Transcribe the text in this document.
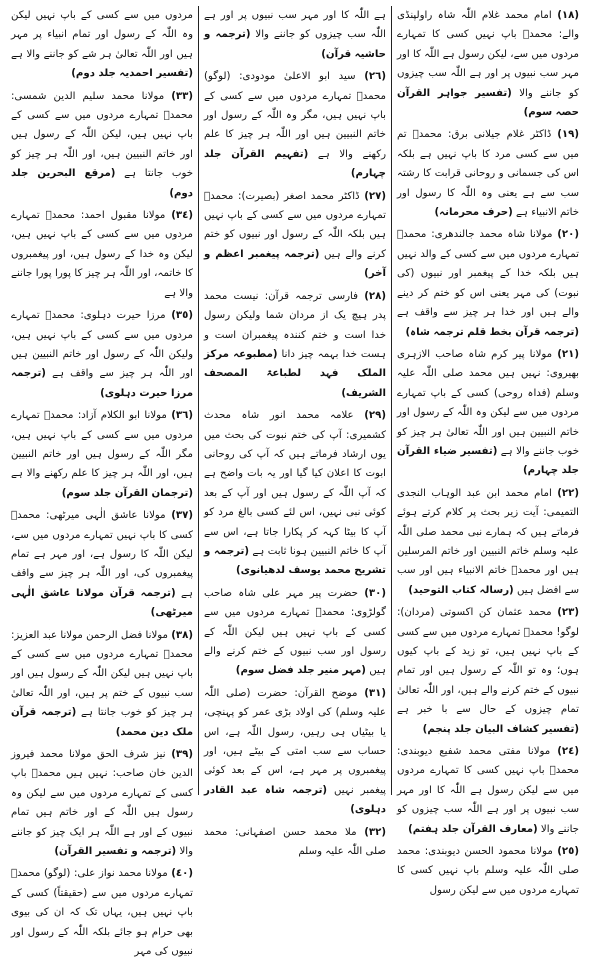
(١٨) امام محمد غلام اللّٰہ شاہ راولپنڈی والے: محمدؐ باپ نہیں کسی کا تمہارے مردوں میں سے، لیکن رسول ہے اللّٰہ کا اور مہر سب نبیوں پر اور ہے اللّٰہ سب چیزوں کو جاننے والا (تفسیر جواہر القرآن حصہ سوم)

(١٩) ڈاکٹر غلام جیلانی برق: محمدؐ تم میں سے کسی مرد کا باپ نہیں ہے بلکہ اس کی جسمانی و روحانی قرابت کا رشتہ سب سے ہے یعنی وہ اللّٰہ کا رسول اور خاتم الانبیاء ہے (حرف محرمانہ)

(٢٠) مولانا شاہ محمد جالندھری: محمدؐ تمہارے مردوں میں سے کسی کے والد نہیں ہیں بلکہ خدا کے پیغمبر اور نبیوں (کی نبوت) کی مہر یعنی اس کو ختم کر دینے والے ہیں اور خدا ہر چیز سے واقف ہے (ترجمہ قرآن بخط قلم ترجمہ شاہ)

(٢١) مولانا پیر کرم شاہ صاحب الازہری بھیروی: نہیں ہیں محمد صلی اللّٰہ علیہ وسلم (فداہ روحی) کسی کے باپ تمہارے مردوں میں سے لیکن وہ اللّٰہ کے رسول اور خاتم النبیین ہیں اور اللّٰہ تعالیٰ ہر چیز کو خوب جاننے والا ہے (تفسیر ضیاء القرآن جلد چہارم)

(٢٢) امام محمد ابن عبد الوہاب النجدی التمیمی: آیت زیر بحث پر کلام کرتے ہوئے فرماتے ہیں کہ ہمارے نبی محمد صلی اللّٰہ علیہ وسلم خاتم النبیین اور خاتم المرسلین ہیں اور محمدؐ خاتم الانبیاء ہیں اور سب سے افضل ہیں (رسالہ کتاب التوحید)

(٢٣) محمد عثمان کن اکسوتی (مردان): لوگو! محمدؐ تمہارے مردوں میں سے کسی کے باپ نہیں ہیں، تو زید کے باپ کیوں ہوں؛ وہ تو اللّٰہ کے رسول ہیں اور تمام نبیوں کے ختم کرنے والے ہیں، اور اللّٰہ تعالیٰ تمام چیزوں کے حال سے با خبر ہے (تفسیر کشاف البیان جلد پنجم)

(٢٤) مولانا مفتی محمد شفیع دیوبندی: محمدؐ باپ نہیں کسی کا تمہارے مردوں میں سے لیکن رسول ہے اللّٰہ کا اور مہر سب نبیوں پر اور ہے اللّٰہ سب چیزوں کو جاننے والا (معارف القرآن جلد ہفتم)

(٢٥) مولانا محمود الحسن دیوبندی: محمد صلی اللّٰہ علیہ وسلم باپ نہیں کسی کا تمہارے مردوں میں سے لیکن رسول

ہے اللّٰہ کا اور مہر سب نبیوں پر اور ہے اللّٰہ سب چیزوں کو جاننے والا (ترجمہ و حاشیہ قرآن)

(٢٦) سید ابو الاعلیٰ مودودی: (لوگو) محمدؐ تمہارے مردوں میں سے کسی کے باپ نہیں ہیں، مگر وہ اللّٰہ کے رسول اور خاتم النبیین ہیں اور اللّٰہ ہر چیز کا علم رکھنے والا ہے (تفہیم القرآن جلد چہارم)

(٢٧) ڈاکٹر محمد اصغر (بصیرت): محمدؐ تمہارے مردوں میں سے کسی کے باپ نہیں ہیں بلکہ اللّٰہ کے رسول اور نبیوں کو ختم کرنے والے ہیں (ترجمہ پیغمبر اعظم و آخر)

(٢٨) فارسی ترجمہ قرآن: نیست محمد پدر ہیچ یک از مردان شما ولیکن رسول خدا است و ختم کنندہ پیغمبران است و ہست خدا بہمہ چیز دانا (مطبوعہ مرکز الملک فہد لطباعۃ المصحف الشریف)

(٢٩) علامہ محمد انور شاہ محدث کشمیری: آپ کی ختم نبوت کی بحث میں یوں ارشاد فرماتے ہیں کہ آپ کی روحانی ابوت کا اعلان کیا گیا اور یہ بات واضح ہے کہ آپ اللّٰہ کے رسول ہیں اور آپ کے بعد کوئی نبی نہیں، اس لئے کسی بالغ مرد کو آپ کا بیٹا کہہ کر پکارا جاتا ہے، اس سے آپ کا خاتم النبیین ہونا ثابت ہے (ترجمہ و تشریح محمد یوسف لدھیانوی)

(٣٠) حضرت پیر مہر علی شاہ صاحب گولڑوی: محمدؐ تمہارے مردوں میں سے کسی کے باپ نہیں ہیں لیکن اللّٰہ کے رسول اور سب نبیوں کے ختم کرنے والے ہیں (مہر منیر جلد فضل سوم)

(٣١) موضح القرآن: حضرت (صلی اللّٰہ علیہ وسلم) کی اولاد بڑی عمر کو پہنچی، یا بیٹیاں ہی رہیں، رسول اللّٰہ ہے، اس حساب سے سب امتی کے بیٹے ہیں، اور پیغمبروں پر مہر ہے، اس کے بعد کوئی پیغمبر نہیں (ترجمہ شاہ عبد القادر دہلوی)

(٣٢) ملا محمد حسن اصفہانی: محمد صلی اللّٰہ علیہ وسلم

مردوں میں سے کسی کے باپ نہیں لیکن وہ اللّٰہ کے رسول اور تمام انبیاء پر مہر ہیں اور اللّٰہ تعالیٰ ہر شے کو جاننے والا ہے (تفسیر احمدیہ جلد دوم)

(٣٣) مولانا محمد سلیم الدین شمسی: محمدؐ تمہارے مردوں میں سے کسی کے باپ نہیں ہیں، لیکن اللّٰہ کے رسول ہیں اور خاتم النبیین ہیں، اور اللّٰہ ہر چیز کو خوب جانتا ہے (مرقع البحرین جلد دوم)

(٣٤) مولانا مقبول احمد: محمدؐ تمہارے مردوں میں سے کسی کے باپ نہیں ہیں، لیکن وہ خدا کے رسول ہیں، اور پیغمبروں کا خاتمہ، اور اللّٰہ ہر چیز کا پورا پورا جاننے والا ہے

(٣٥) مرزا حیرت دہلوی: محمدؐ تمہارے مردوں میں سے کسی کے باپ نہیں ہیں، ولیکن اللّٰہ کے رسول اور خاتم النبیین ہیں اور اللّٰہ ہر چیز سے واقف ہے (ترجمہ مرزا حیرت دہلوی)

(٣٦) مولانا ابو الکلام آزاد: محمدؐ تمہارے مردوں میں سے کسی کے باپ نہیں ہیں، مگر اللّٰہ کے رسول ہیں اور خاتم النبیین ہیں، اور اللّٰہ ہر چیز کا علم رکھنے والا ہے (ترجمان القرآن جلد سوم)

(٣٧) مولانا عاشق الٰہی میرٹھی: محمدؐ کسی کا باپ نہیں تمہارے مردوں میں سے، لیکن اللّٰہ کا رسول ہے، اور مہر ہے تمام پیغمبروں کی، اور اللّٰہ ہر چیز سے واقف ہے (ترجمہ قرآن مولانا عاشق الٰہی میرٹھی)

(٣٨) مولانا فضل الرحمن مولانا عبد العزیز: محمدؐ تمہارے مردوں میں سے کسی کے باپ نہیں ہیں لیکن اللّٰہ کے رسول ہیں اور سب نبیوں کے ختم پر ہیں، اور اللّٰہ تعالیٰ ہر چیز کو خوب جانتا ہے (ترجمہ قرآن ملک دین محمد)

(٣٩) نیز شرف الحق مولانا محمد فیروز الدین خان صاحب: نہیں ہیں محمدؐ باپ کسی کے تمہارے مردوں میں سے لیکن وہ رسول ہیں اللّٰہ کے اور خاتم ہیں تمام نبیوں کے اور ہے اللّٰہ ہر ایک چیز کو جاننے والا (ترجمہ و تفسیر القرآن)

(٤٠) مولانا محمد نواز علی: (لوگو) محمدؐ تمہارے مردوں میں سے (حقیقتاً) کسی کے باپ نہیں ہیں، یہاں تک کہ ان کی بیوی بھی حرام ہو جائے بلکہ اللّٰہ کے رسول اور نبیوں کی مہر
